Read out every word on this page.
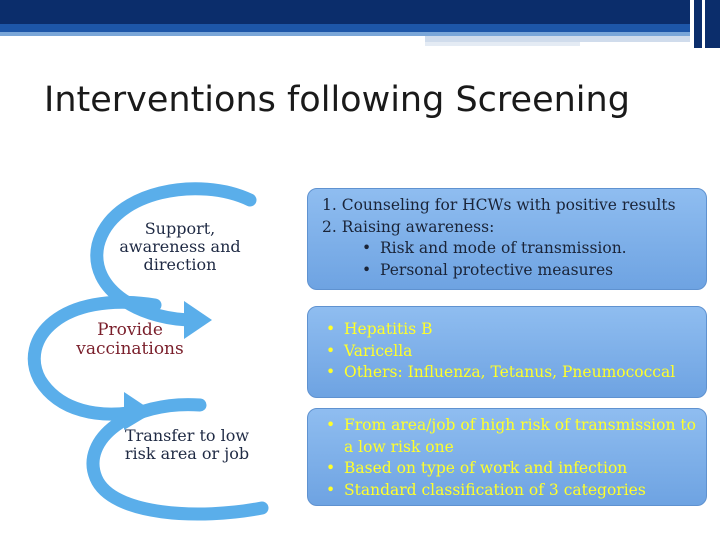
Interventions following Screening
Support, awareness and direction
Provide vaccinations
Transfer to low risk area or job
1. Counseling for HCWs with positive results
2. Raising awareness:
• Risk and mode of transmission.
• Personal protective measures
• Hepatitis B
• Varicella
• Others: Influenza, Tetanus, Pneumococcal
• From area/job of high risk of transmission to a low risk one
• Based on type of work and infection
• Standard classification of 3 categories
